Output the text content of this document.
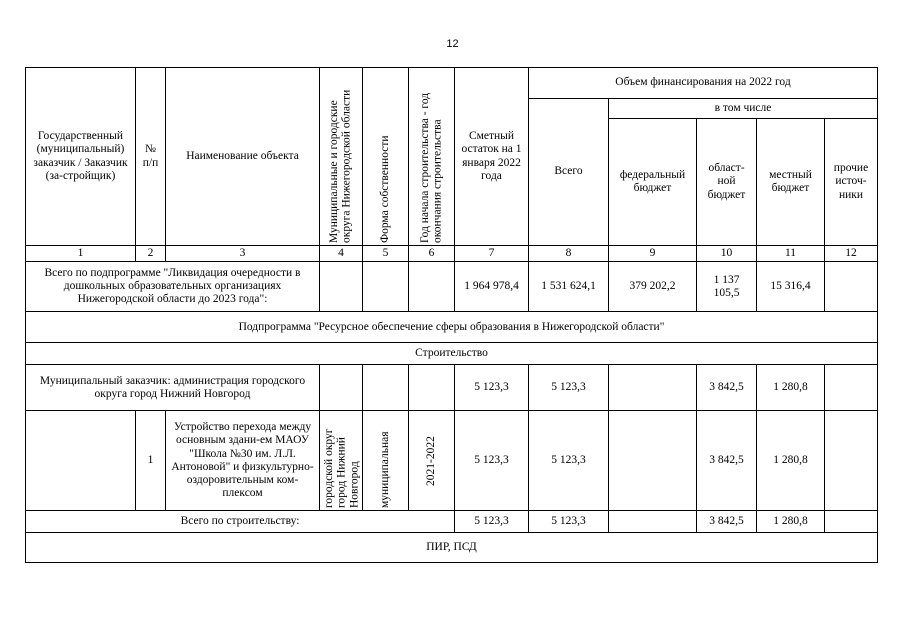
12
Государственный (муниципальный) заказчик / Заказчик (за-стройщик)	№ п/п	Наименование объекта	Муниципальные и городские округа Нижегородской области	Форма собственности	Год начала строительства - год окончания строительства	Сметный остаток на 1 января 2022 года	Объем финансирования на 2022 год				
							Всего	в том числе			
								федеральный бюджет	област-ной бюджет	местный бюджет	прочие источ-ники
1	2	3	4	5	6	7	8	9	10	11	12
Всего по подпрограмме "Ликвидация очередности в дошкольных образовательных организациях Нижегородской области до 2023 года":						1 964 978,4	1 531 624,1	379 202,2	1 137 105,5	15 316,4	
Подпрограмма "Ресурсное обеспечение сферы образования в Нижегородской области"											
Строительство											
Муниципальный заказчик: администрация городского округа город Нижний Новгород						5 123,3	5 123,3		3 842,5	1 280,8	
	1	Устройство перехода между основным здани-ем МАОУ "Школа №30 им. Л.Л. Антоновой" и физкультурно-оздоровительным ком-плексом	городской округ город Нижний Новгород	муниципальная	2021-2022	5 123,3	5 123,3		3 842,5	1 280,8	
Всего по строительству:						5 123,3	5 123,3		3 842,5	1 280,8	
ПИР, ПСД											
